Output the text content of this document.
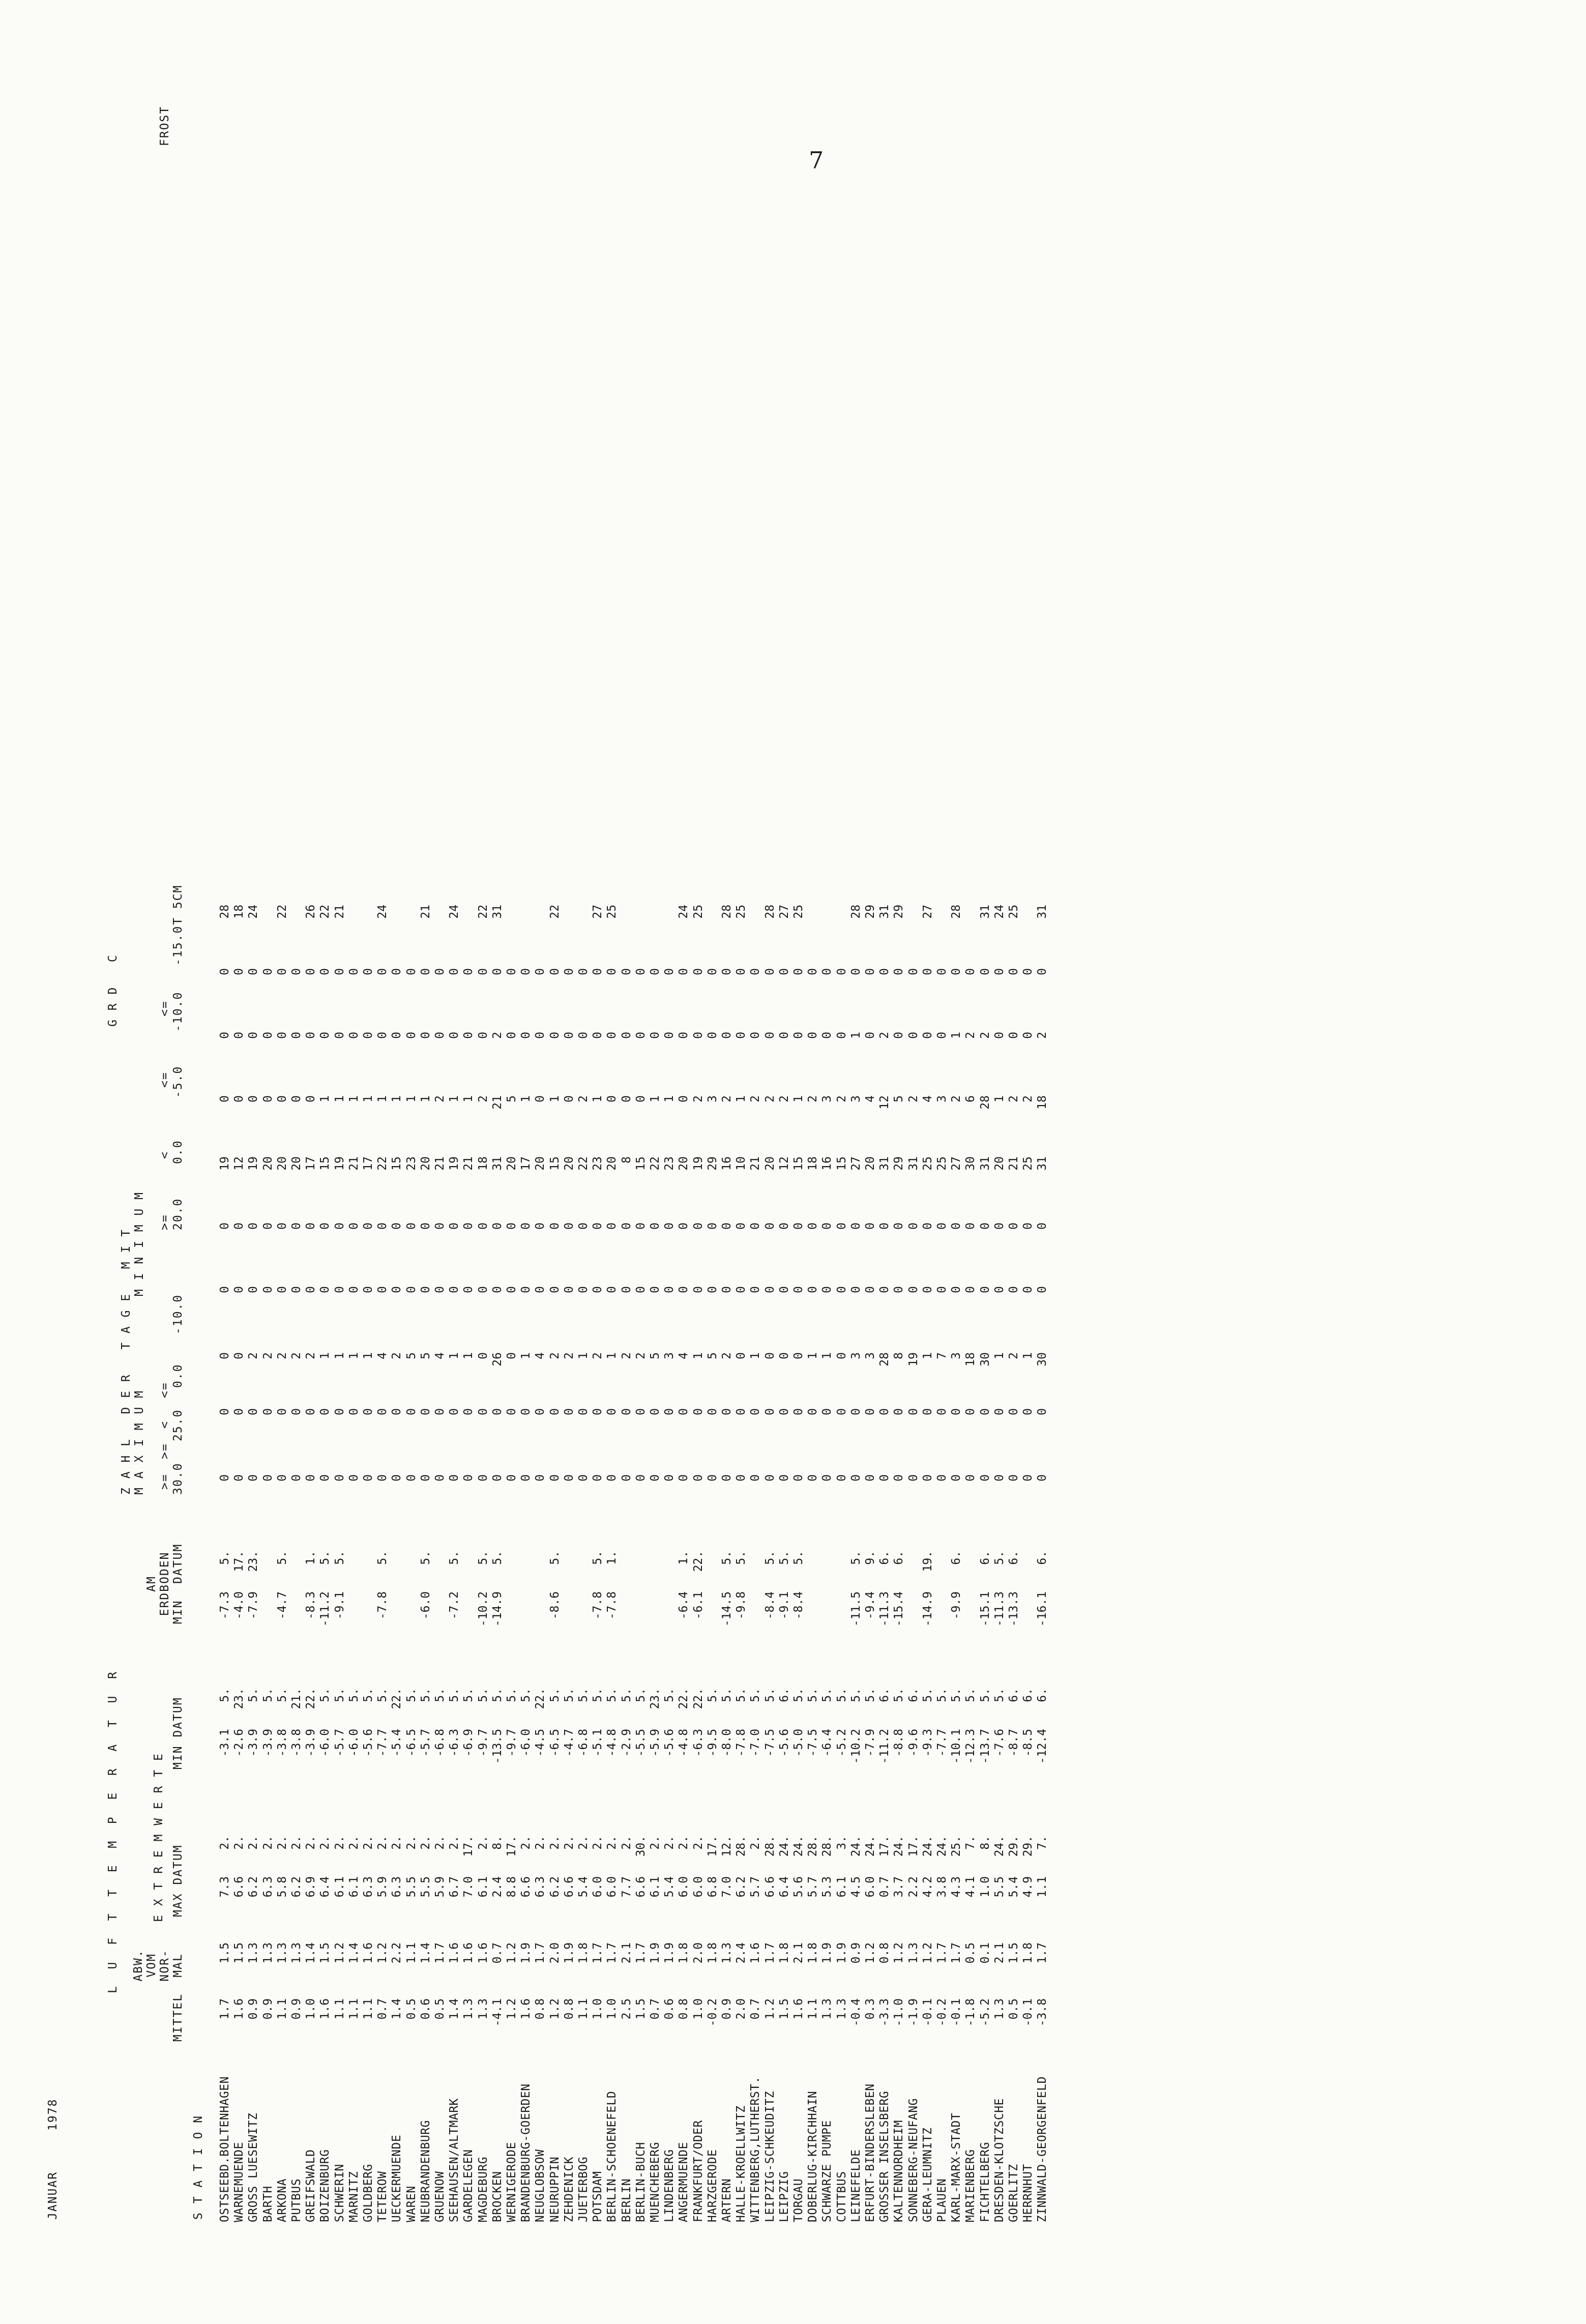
7
JANUAR
1978
S T A T I O N
L  U  F  T  T  E  M  P  E  R  A  T  U  R
G R D   C
ABW. VOM NOR- MAL
MITTEL
E X T R E M W E R T E MAX DATUM
MIN DATUM
AM ERDBODEN MIN  DATUM
Z A H L   D E R   T A G E   M I T M A X I M U M
M I N I M U M
FROST
>=
>=
<
<=
30.0
25.0
0.0
-10.0
>=
<
<=
<=
20.0
0.0
-5.0
-10.0
-15.0
T 5CM
OSTSEEBD.BOLTENHAGEN
1.7
1.5
7.3
2.
-3.1
5.
-7.3
5.
0
0
0
0
0
19
0
0
0
28
WARNEMUENDE
1.6
1.5
6.6
2.
-2.6
23.
-4.0
17.
0
0
0
0
0
12
0
0
0
18
GROSS LUESEWITZ
0.9
1.3
6.2
2.
-3.9
5.
-7.9
23.
0
0
2
0
0
19
0
0
0
24
BARTH
0.9
1.3
6.3
2.
-3.9
5.
0
0
2
0
0
20
0
0
0
ARKONA
1.1
1.3
5.8
2.
-3.8
5.
-4.7
5.
0
0
2
0
0
20
0
0
0
22
PUTBUS
0.9
1.3
6.2
2.
-3.8
21.
0
0
2
0
0
20
0
0
0
GREIFSWALD
1.0
1.4
6.9
2.
-3.9
22.
-8.3
1.
0
0
2
0
0
17
0
0
0
26
BOIZENBURG
1.6
1.5
6.4
2.
-6.0
5.
-11.2
5.
0
0
1
0
0
15
1
0
0
22
SCHWERIN
1.1
1.2
6.1
2.
-5.7
5.
-9.1
5.
0
0
1
0
0
19
1
0
0
21
MARNITZ
1.1
1.4
6.1
2.
-6.0
5.
0
0
1
0
0
21
1
0
0
GOLDBERG
1.1
1.6
6.3
2.
-5.6
5.
0
0
1
0
0
17
1
0
0
TETEROW
0.7
1.2
5.9
2.
-7.7
5.
-7.8
5.
0
0
4
0
0
22
1
0
0
24
UECKERMUENDE
1.4
2.2
6.3
2.
-5.4
22.
0
0
2
0
0
15
1
0
0
WAREN
0.5
1.1
5.5
2.
-6.5
5.
0
0
5
0
0
23
1
0
0
NEUBRANDENBURG
0.6
1.4
5.5
2.
-5.7
5.
-6.0
5.
0
0
5
0
0
20
1
0
0
21
GRUENOW
0.5
1.7
5.9
2.
-6.8
5.
0
0
4
0
0
21
2
0
0
SEEHAUSEN/ALTMARK
1.4
1.6
6.7
2.
-6.3
5.
-7.2
5.
0
0
1
0
0
19
1
0
0
24
GARDELEGEN
1.3
1.6
7.0
17.
-6.9
5.
0
0
1
0
0
21
1
0
0
MAGDEBURG
1.3
1.6
6.1
2.
-9.7
5.
-10.2
5.
0
0
0
0
0
18
2
0
0
22
BROCKEN
-4.1
0.7
2.4
8.
-13.5
5.
-14.9
5.
0
0
26
0
0
31
21
2
0
31
WERNIGERODE
1.2
1.2
8.8
17.
-9.7
5.
0
0
0
0
0
20
5
0
0
BRANDENBURG-GOERDEN
1.6
1.9
6.6
2.
-6.0
5.
0
0
1
0
0
17
1
0
0
NEUGLOBSOW
0.8
1.7
6.3
2.
-4.5
22.
0
0
4
0
0
20
0
0
0
NEURUPPIN
1.2
2.0
6.2
2.
-6.5
5.
-8.6
5.
0
0
2
0
0
15
1
0
0
22
ZEHDENICK
0.8
1.9
6.6
2.
-4.7
5.
0
0
2
0
0
20
0
0
0
JUETERBOG
1.1
1.8
5.4
2.
-6.8
5.
0
0
1
0
0
22
2
0
0
POTSDAM
1.0
1.7
6.0
2.
-5.1
5.
-7.8
5.
0
0
2
0
0
23
1
0
0
27
BERLIN-SCHOENEFELD
1.0
1.7
6.0
2.
-4.8
5.
-7.8
1.
0
0
1
0
0
20
0
0
0
25
BERLIN
2.5
2.1
7.7
2.
-2.9
5.
0
0
2
0
0
8
0
0
0
BERLIN-BUCH
1.5
1.7
6.6
30.
-5.5
5.
0
0
2
0
0
15
0
0
0
MUENCHEBERG
0.7
1.9
6.1
2.
-5.9
23.
0
0
5
0
0
22
1
0
0
LINDENBERG
0.6
1.9
5.4
2.
-5.6
5.
0
0
3
0
0
23
1
0
0
ANGERMUENDE
0.8
1.8
6.0
2.
-4.8
22.
-6.4
1.
0
0
4
0
0
20
0
0
0
24
FRANKFURT/ODER
1.0
2.0
6.0
2.
-6.3
22.
-6.1
22.
0
0
1
0
0
19
2
0
0
25
HARZGERODE
-0.2
1.8
6.8
17.
-9.5
5.
0
0
5
0
0
29
3
0
0
ARTERN
0.9
1.3
7.0
12.
-8.0
5.
-14.5
5.
0
0
2
0
0
16
2
0
0
28
HALLE-KROELLWITZ
2.0
2.4
6.2
28.
-7.8
5.
-9.8
5.
0
0
0
0
0
10
1
0
0
25
WITTENBERG,LUTHERST.
0.7
1.6
5.7
2.
-7.0
5.
0
0
1
0
0
21
2
0
0
LEIPZIG-SCHKEUDITZ
1.2
1.7
6.6
28.
-7.5
5.
-8.4
5.
0
0
0
0
0
20
2
0
0
28
LEIPZIG
1.5
1.8
6.4
24.
-5.6
6.
-9.1
5.
0
0
0
0
0
12
2
0
0
27
TORGAU
1.6
2.1
5.6
24.
-5.0
5.
-8.4
5.
0
0
0
0
0
15
1
0
0
25
DOBERLUG-KIRCHHAIN
1.1
1.8
5.7
28.
-7.5
5.
0
0
1
0
0
18
2
0
0
SCHWARZE PUMPE
1.3
1.9
5.3
28.
-6.4
5.
0
0
1
0
0
16
3
0
0
COTTBUS
1.3
1.9
6.1
3.
-5.2
5.
0
0
0
0
0
15
2
0
0
LEINEFELDE
-0.4
0.9
4.5
24.
-10.2
5.
-11.5
5.
0
0
3
0
0
27
3
1
0
28
ERFURT-BINDERSLEBEN
0.3
1.2
6.0
24.
-7.9
5.
-9.4
9.
0
0
3
0
0
20
4
0
0
29
GROSSER INSELSBERG
-3.3
0.8
0.7
17.
-11.2
6.
-11.3
6.
0
0
28
0
0
31
12
2
0
31
KALTENNORDHEIM
-1.0
1.2
3.7
24.
-8.8
5.
-15.4
6.
0
0
8
0
0
29
5
0
0
29
SONNEBERG-NEUFANG
-1.9
1.3
2.2
17.
-9.6
6.
0
0
19
0
0
31
2
0
0
GERA-LEUMNITZ
-0.1
1.2
4.2
24.
-9.3
5.
-14.9
19.
0
0
1
0
0
25
4
0
0
27
PLAUEN
-0.2
1.7
3.8
24.
-7.7
5.
0
0
7
0
0
25
3
0
0
KARL-MARX-STADT
-0.1
1.7
4.3
25.
-10.1
5.
-9.9
6.
0
0
3
0
0
27
2
1
0
28
MARIENBERG
-1.8
0.5
4.1
7.
-12.3
5.
0
0
18
0
0
30
6
2
0
FICHTELBERG
-5.2
0.1
1.0
8.
-13.7
5.
-15.1
6.
0
0
30
0
0
31
28
2
0
31
DRESDEN-KLOTZSCHE
1.3
2.1
5.5
24.
-7.6
5.
-11.3
5.
0
0
1
0
0
20
1
0
0
24
GOERLITZ
0.5
1.5
5.4
29.
-8.7
6.
-13.3
6.
0
0
2
0
0
21
2
0
0
25
HERRNHUT
-0.1
1.8
4.9
29.
-8.5
6.
0
0
1
0
0
25
2
0
0
ZINNWALD-GEORGENFELD
-3.8
1.7
1.1
7.
-12.4
6.
-16.1
6.
0
0
30
0
0
31
18
2
0
31
